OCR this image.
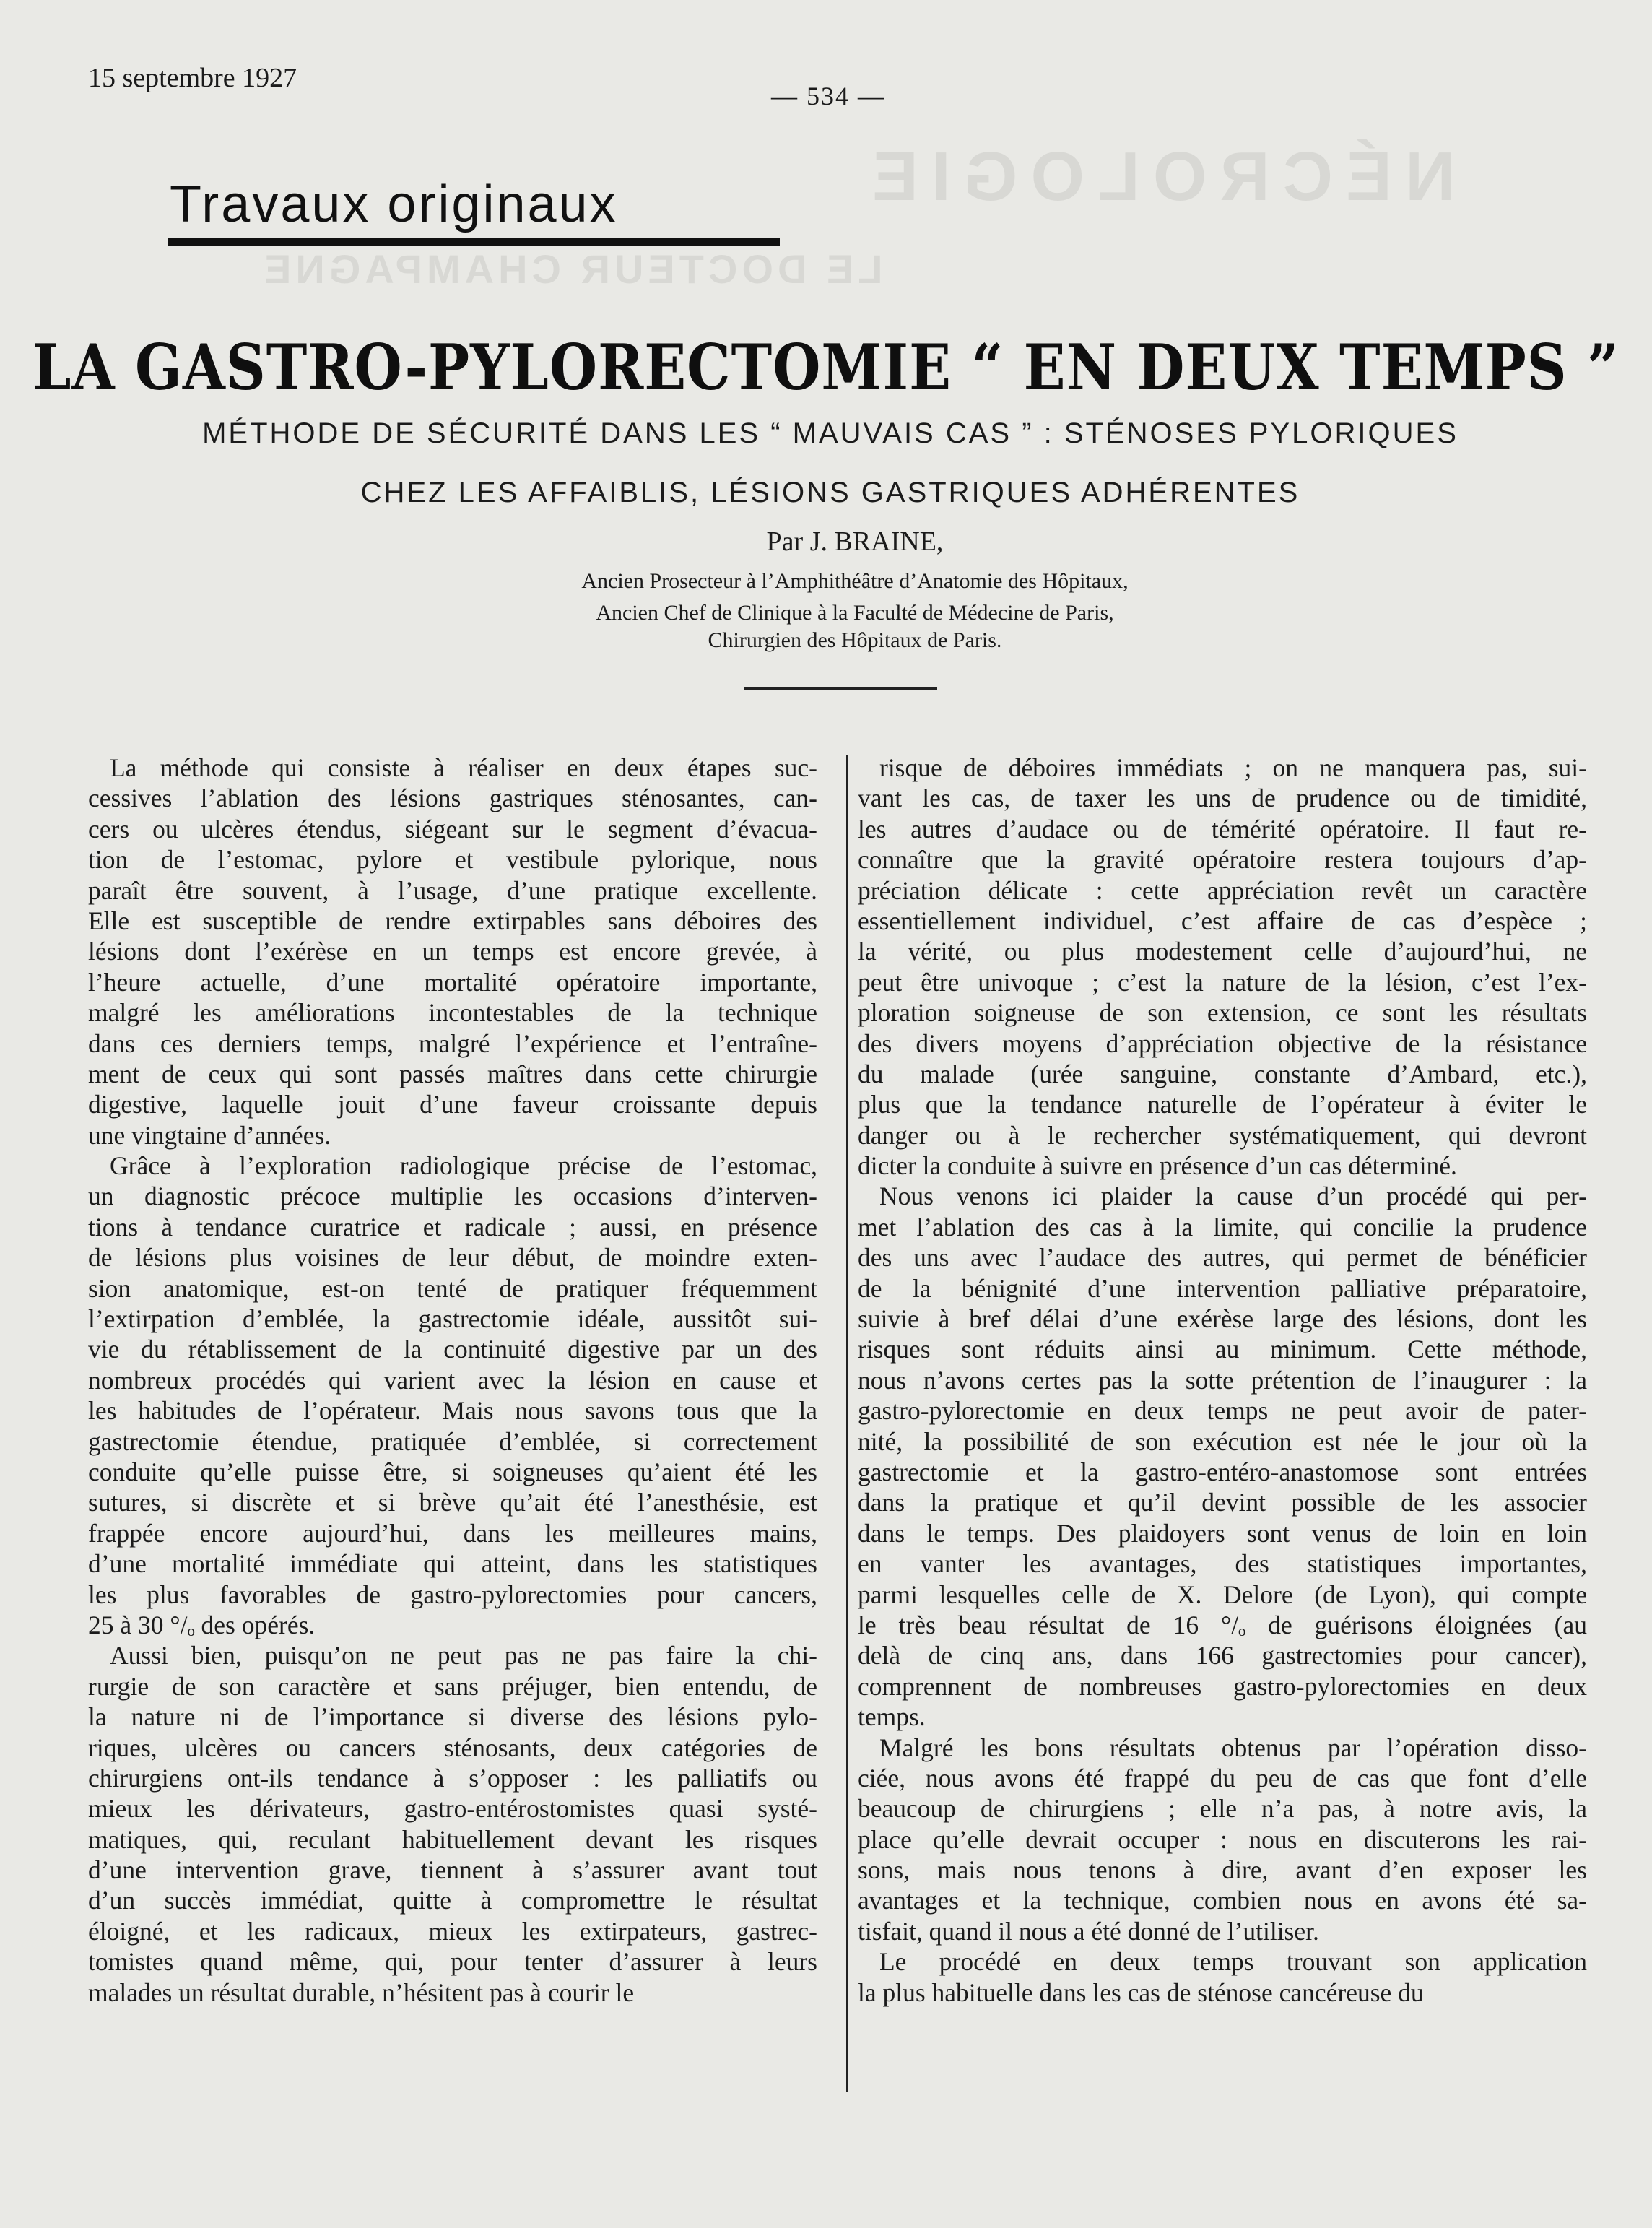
NÉCROLOGIE
LE DOCTEUR CHAMPAGNE
15 septembre 1927
— 534 —
Travaux originaux
LA GASTRO-PYLORECTOMIE “ EN DEUX TEMPS ”
MÉTHODE DE SÉCURITÉ DANS LES “ MAUVAIS CAS ” : STÉNOSES PYLORIQUES
CHEZ LES AFFAIBLIS, LÉSIONS GASTRIQUES ADHÉRENTES
Par J. BRAINE,
Ancien Prosecteur à l’Amphithéâtre d’Anatomie des Hôpitaux,
Ancien Chef de Clinique à la Faculté de Médecine de Paris,
Chirurgien des Hôpitaux de Paris.
La méthode qui consiste à réaliser en deux étapes suc-
cessives l’ablation des lésions gastriques sténosantes, can-
cers ou ulcères étendus, siégeant sur le segment d’évacua-
tion de l’estomac, pylore et vestibule pylorique, nous
paraît être souvent, à l’usage, d’une pratique excellente.
Elle est susceptible de rendre extirpables sans déboires des
lésions dont l’exérèse en un temps est encore grevée, à
l’heure actuelle, d’une mortalité opératoire importante,
malgré les améliorations incontestables de la technique
dans ces derniers temps, malgré l’expérience et l’entraîne-
ment de ceux qui sont passés maîtres dans cette chirurgie
digestive, laquelle jouit d’une faveur croissante depuis
une vingtaine d’années.
Grâce à l’exploration radiologique précise de l’estomac,
un diagnostic précoce multiplie les occasions d’interven-
tions à tendance curatrice et radicale ; aussi, en présence
de lésions plus voisines de leur début, de moindre exten-
sion anatomique, est-on tenté de pratiquer fréquemment
l’extirpation d’emblée, la gastrectomie idéale, aussitôt sui-
vie du rétablissement de la continuité digestive par un des
nombreux procédés qui varient avec la lésion en cause et
les habitudes de l’opérateur. Mais nous savons tous que la
gastrectomie étendue, pratiquée d’emblée, si correctement
conduite qu’elle puisse être, si soigneuses qu’aient été les
sutures, si discrète et si brève qu’ait été l’anesthésie, est
frappée encore aujourd’hui, dans les meilleures mains,
d’une mortalité immédiate qui atteint, dans les statistiques
les plus favorables de gastro-pylorectomies pour cancers,
25 à 30 °/ₒ des opérés.
Aussi bien, puisqu’on ne peut pas ne pas faire la chi-
rurgie de son caractère et sans préjuger, bien entendu, de
la nature ni de l’importance si diverse des lésions pylo-
riques, ulcères ou cancers sténosants, deux catégories de
chirurgiens ont-ils tendance à s’opposer : les palliatifs ou
mieux les dérivateurs, gastro-entérostomistes quasi systé-
matiques, qui, reculant habituellement devant les risques
d’une intervention grave, tiennent à s’assurer avant tout
d’un succès immédiat, quitte à compromettre le résultat
éloigné, et les radicaux, mieux les extirpateurs, gastrec-
tomistes quand même, qui, pour tenter d’assurer à leurs
malades un résultat durable, n’hésitent pas à courir le
risque de déboires immédiats ; on ne manquera pas, sui-
vant les cas, de taxer les uns de prudence ou de timidité,
les autres d’audace ou de témérité opératoire. Il faut re-
connaître que la gravité opératoire restera toujours d’ap-
préciation délicate : cette appréciation revêt un caractère
essentiellement individuel, c’est affaire de cas d’espèce ;
la vérité, ou plus modestement celle d’aujourd’hui, ne
peut être univoque ; c’est la nature de la lésion, c’est l’ex-
ploration soigneuse de son extension, ce sont les résultats
des divers moyens d’appréciation objective de la résistance
du malade (urée sanguine, constante d’Ambard, etc.),
plus que la tendance naturelle de l’opérateur à éviter le
danger ou à le rechercher systématiquement, qui devront
dicter la conduite à suivre en présence d’un cas déterminé.
Nous venons ici plaider la cause d’un procédé qui per-
met l’ablation des cas à la limite, qui concilie la prudence
des uns avec l’audace des autres, qui permet de bénéficier
de la bénignité d’une intervention palliative préparatoire,
suivie à bref délai d’une exérèse large des lésions, dont les
risques sont réduits ainsi au minimum. Cette méthode,
nous n’avons certes pas la sotte prétention de l’inaugurer : la
gastro-pylorectomie en deux temps ne peut avoir de pater-
nité, la possibilité de son exécution est née le jour où la
gastrectomie et la gastro-entéro-anastomose sont entrées
dans la pratique et qu’il devint possible de les associer
dans le temps. Des plaidoyers sont venus de loin en loin
en vanter les avantages, des statistiques importantes,
parmi lesquelles celle de X. Delore (de Lyon), qui compte
le très beau résultat de 16 °/ₒ de guérisons éloignées (au
delà de cinq ans, dans 166 gastrectomies pour cancer),
comprennent de nombreuses gastro-pylorectomies en deux
temps.
Malgré les bons résultats obtenus par l’opération disso-
ciée, nous avons été frappé du peu de cas que font d’elle
beaucoup de chirurgiens ; elle n’a pas, à notre avis, la
place qu’elle devrait occuper : nous en discuterons les rai-
sons, mais nous tenons à dire, avant d’en exposer les
avantages et la technique, combien nous en avons été sa-
tisfait, quand il nous a été donné de l’utiliser.
Le procédé en deux temps trouvant son application
la plus habituelle dans les cas de sténose cancéreuse du
